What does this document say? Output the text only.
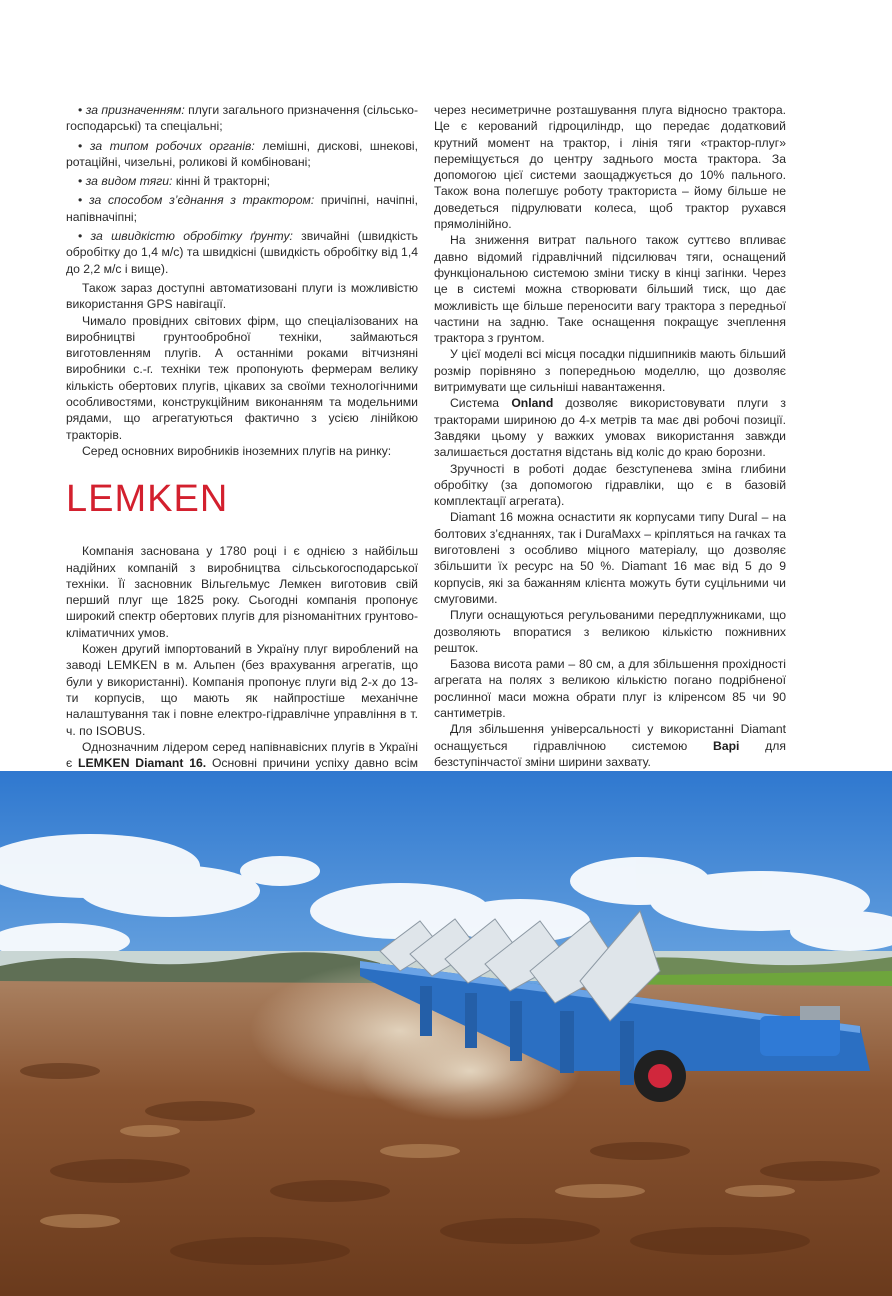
• за призначенням: плуги загального призначення (сільсько-господарські) та спеціальні;

• за типом робочих органів: лемішні, дискові, шнекові, ротаційні, чизельні, роликові й комбіновані;

• за видом тяги: кінні й тракторні;

• за способом з’єднання з трактором: причіпні, начіпні, напівначіпні;

• за швидкістю обробітку ґрунту: звичайні (швидкість обробітку до 1,4 м/с) та швидкісні (швидкість обробітку від 1,4 до 2,2 м/с і вище).

Також зараз доступні автоматизовані плуги із можливістю використання GPS навігації.

Чимало провідних світових фірм, що спеціалізованих на виробництві грунтообробної техніки, займаються виготовленням плугів. А останніми роками вітчизняні виробники с.-г. техніки теж пропонують фермерам велику кількість обертових плугів, цікавих за своїми технологічними особливостями, конструкційним виконанням та модельними рядами, що агрегатуються фактично з усією лінійкою тракторів.

Серед основних виробників іноземних плугів на ринку:

LEMKEN

Компанія заснована у 1780 році і є однією з найбільш надійних компаній з виробництва сільськогосподарської техніки. Її засновник Вільгельмус Лемкен виготовив свій перший плуг ще 1825 року. Сьогодні компанія пропонує широкий спектр обертових плугів для різноманітних грунтово-кліматичних умов.

Кожен другий імпортований в Україну плуг вироблений на заводі LEMKEN в м. Альпен (без врахування агрегатів, що були у використанні). Компанія пропонує плуги від 2-х до 13-ти корпусів, що мають як найпростіше механічне налаштування так і повне електро-гідравлічне управління в т. ч. по ISOBUS.

Однозначним лідером серед напівнавісних плугів в Україні є LEMKEN Diamant 16. Основні причини успіху давно всім

через несиметричне розташування плуга відносно трактора. Це є керований гідроциліндр, що передає додатковий крутний момент на трактор, і лінія тяги «трактор-плуг» переміщується до центру заднього моста трактора. За допомогою цієї системи заощаджується до 10% пального. Також вона полегшує роботу тракториста – йому більше не доведеться підрулювати колеса, щоб трактор рухався прямолінійно.

На зниження витрат пального також суттєво впливає давно відомий гідравлічний підсилювач тяги, оснащений функціональною системою зміни тиску в кінці загінки. Через це в системі можна створювати більший тиск, що дає можливість ще більше переносити вагу трактора з передньої частини на задню. Таке оснащення покращує зчеплення трактора з грунтом.

У цієї моделі всі місця посадки підшипників мають більший розмір порівняно з попередньою моделлю, що дозволяє витримувати ще сильніші навантаження.

Система Onland дозволяє використовувати плуги з тракторами шириною до 4-х метрів та має дві робочі позиції. Завдяки цьому у важких умовах використання завжди залишається достатня відстань від коліс до краю борозни.

Зручності в роботі додає безступенева зміна глибини обробітку (за допомогою гідравліки, що є в базовій комплектації агрегата).

Diamant 16 можна оснастити як корпусами типу Dural – на болтових з’єднаннях, так і DuraMaxx – кріпляться на гачках та виготовлені з особливо міцного матеріалу, що дозволяє збільшити їх ресурс на 50 %. Diamant 16 має від 5 до 9 корпусів, які за бажанням клієнта можуть бути суцільними чи смуговими.

Плуги оснащуються регульованими передплужниками, що дозволяють впоратися з великою кількістю пожнивних решток.

Базова висота рами – 80 см, а для збільшення прохідності агрегата на полях з великою кількістю погано подрібненої рослинної маси можна обрати плуг із кліренсом 85 чи 90 сантиметрів.

Для збільшення універсальності у використанні Diamant оснащується гідравлічною системою Вapi для безступінчастої зміни ширини захвату.
